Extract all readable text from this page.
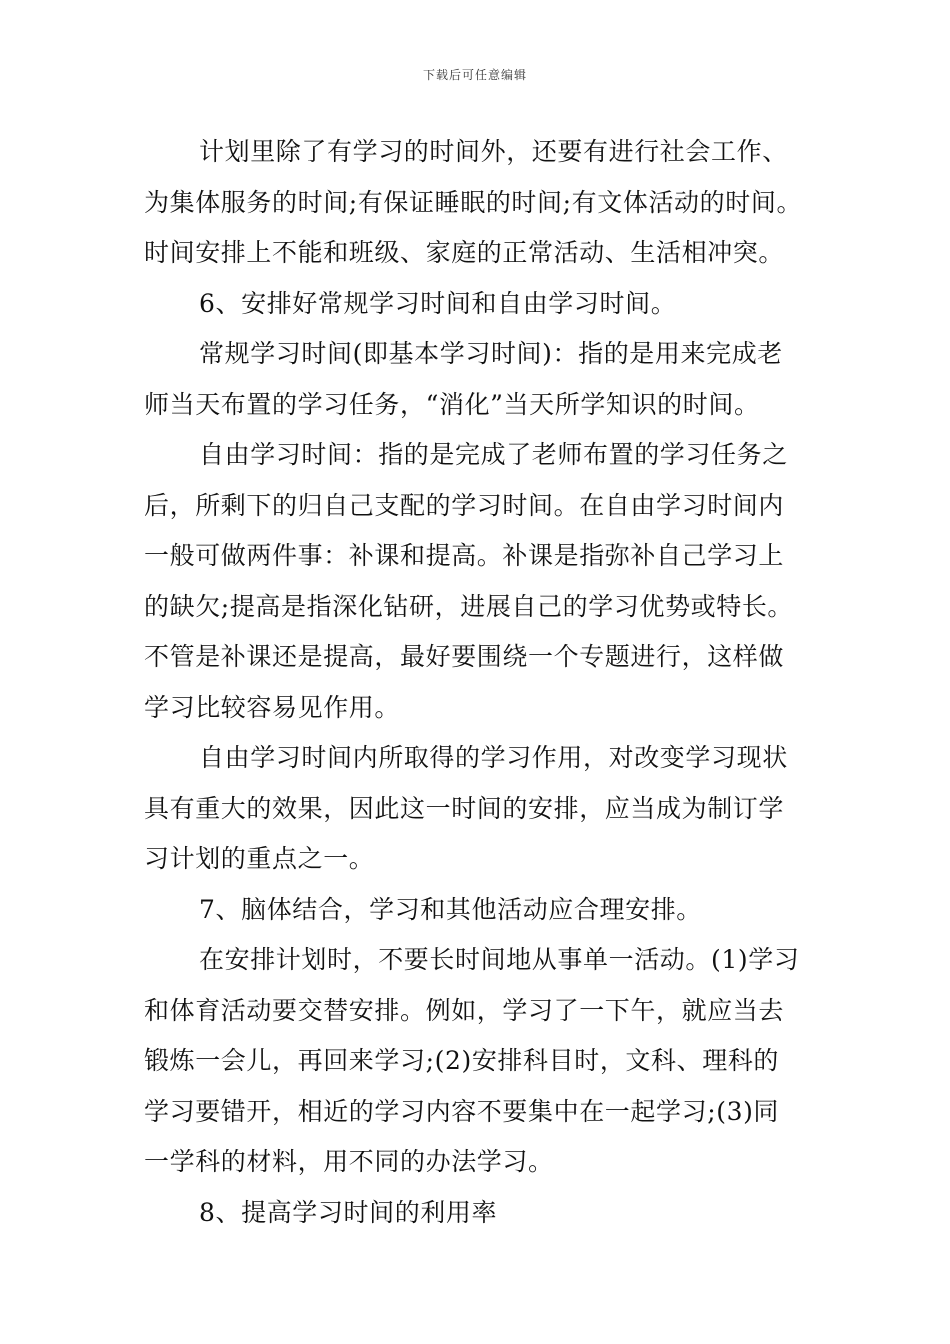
下载后可任意编辑
计划里除了有学习的时间外，还要有进行社会工作、
为集体服务的时间;有保证睡眠的时间;有文体活动的时间。
时间安排上不能和班级、家庭的正常活动、生活相冲突。
6、安排好常规学习时间和自由学习时间。
常规学习时间(即基本学习时间)：指的是用来完成老
师当天布置的学习任务，“消化”当天所学知识的时间。
自由学习时间：指的是完成了老师布置的学习任务之
后，所剩下的归自己支配的学习时间。在自由学习时间内
一般可做两件事：补课和提高。补课是指弥补自己学习上
的缺欠;提高是指深化钻研，进展自己的学习优势或特长。
不管是补课还是提高，最好要围绕一个专题进行，这样做
学习比较容易见作用。
自由学习时间内所取得的学习作用，对改变学习现状
具有重大的效果，因此这一时间的安排，应当成为制订学
习计划的重点之一。
7、脑体结合，学习和其他活动应合理安排。
在安排计划时，不要长时间地从事单一活动。(1)学习
和体育活动要交替安排。例如，学习了一下午，就应当去
锻炼一会儿，再回来学习;(2)安排科目时，文科、理科的
学习要错开，相近的学习内容不要集中在一起学习;(3)同
一学科的材料，用不同的办法学习。
8、提高学习时间的利用率
